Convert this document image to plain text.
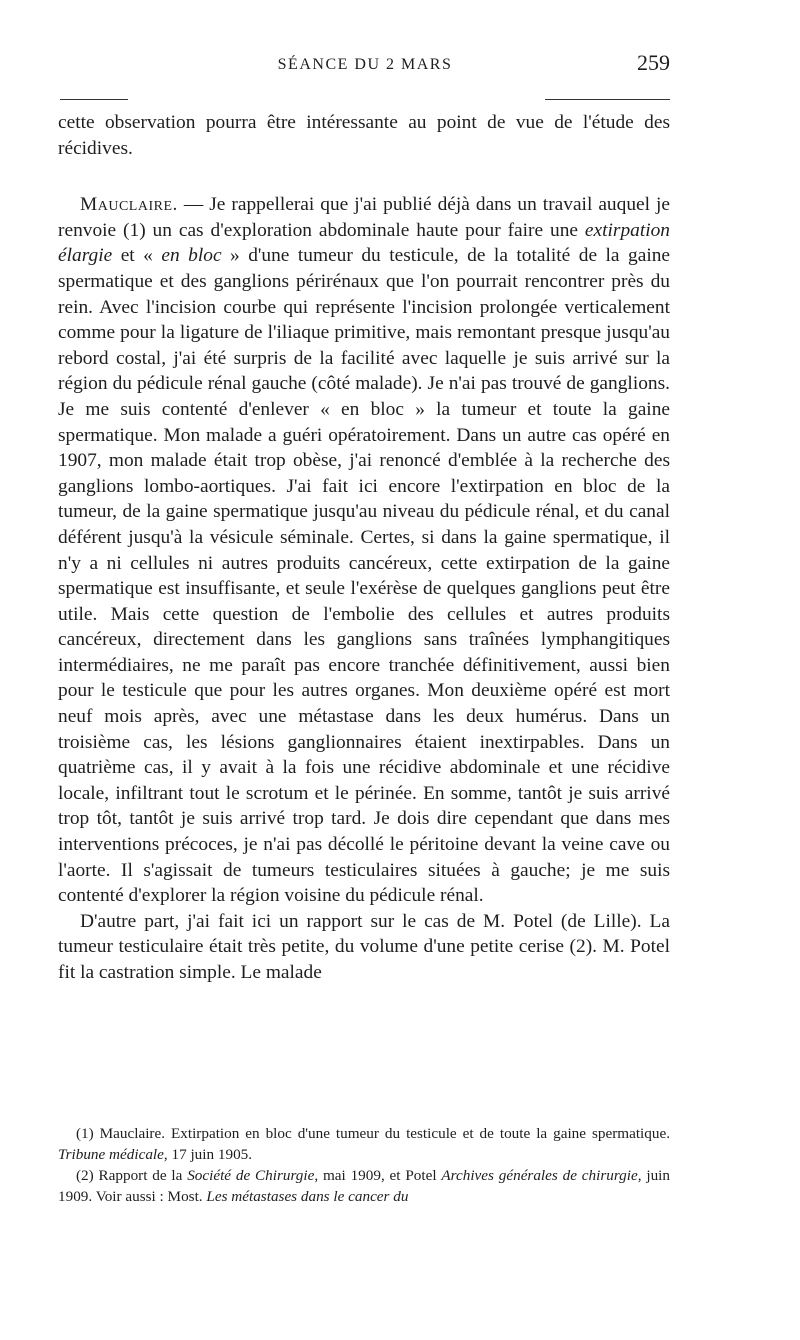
SÉANCE DU 2 MARS	259

cette observation pourra être intéressante au point de vue de l'étude des récidives.

Mauclaire. — Je rappellerai que j'ai publié déjà dans un travail auquel je renvoie (1) un cas d'exploration abdominale haute pour faire une extirpation élargie et « en bloc » d'une tumeur du testicule, de la totalité de la gaine spermatique et des ganglions périrénaux que l'on pourrait rencontrer près du rein. Avec l'incision courbe qui représente l'incision prolongée verticalement comme pour la ligature de l'iliaque primitive, mais remontant presque jusqu'au rebord costal, j'ai été surpris de la facilité avec laquelle je suis arrivé sur la région du pédicule rénal gauche (côté malade). Je n'ai pas trouvé de ganglions. Je me suis contenté d'enlever « en bloc » la tumeur et toute la gaine spermatique. Mon malade a guéri opératoirement. Dans un autre cas opéré en 1907, mon malade était trop obèse, j'ai renoncé d'emblée à la recherche des ganglions lombo-aortiques. J'ai fait ici encore l'extirpation en bloc de la tumeur, de la gaine spermatique jusqu'au niveau du pédicule rénal, et du canal déférent jusqu'à la vésicule séminale. Certes, si dans la gaine spermatique, il n'y a ni cellules ni autres produits cancéreux, cette extirpation de la gaine spermatique est insuffisante, et seule l'exérèse de quelques ganglions peut être utile. Mais cette question de l'embolie des cellules et autres produits cancéreux, directement dans les ganglions sans traînées lymphangitiques intermédiaires, ne me paraît pas encore tranchée définitivement, aussi bien pour le testicule que pour les autres organes. Mon deuxième opéré est mort neuf mois après, avec une métastase dans les deux humérus. Dans un troisième cas, les lésions ganglionnaires étaient inextirpables. Dans un quatrième cas, il y avait à la fois une récidive abdominale et une récidive locale, infiltrant tout le scrotum et le périnée. En somme, tantôt je suis arrivé trop tôt, tantôt je suis arrivé trop tard. Je dois dire cependant que dans mes interventions précoces, je n'ai pas décollé le péritoine devant la veine cave ou l'aorte. Il s'agissait de tumeurs testiculaires situées à gauche; je me suis contenté d'explorer la région voisine du pédicule rénal.

D'autre part, j'ai fait ici un rapport sur le cas de M. Potel (de Lille). La tumeur testiculaire était très petite, du volume d'une petite cerise (2). M. Potel fit la castration simple. Le malade

(1) Mauclaire. Extirpation en bloc d'une tumeur du testicule et de toute la gaine spermatique. Tribune médicale, 17 juin 1905.

(2) Rapport de la Société de Chirurgie, mai 1909, et Potel Archives générales de chirurgie, juin 1909. Voir aussi : Most. Les métastases dans le cancer du
